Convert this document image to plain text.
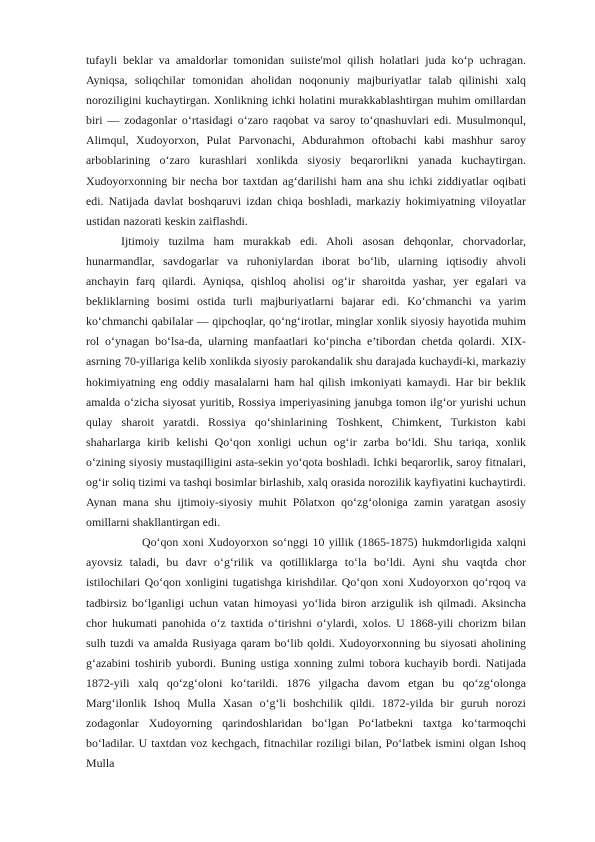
tufayli beklar va amaldorlar tomonidan suiiste'mol qilish holatlari juda ko‘p uchragan. Ayniqsa, soliqchilar tomonidan aholidan noqonuniy majburiyatlar talab qilinishi xalq noroziligini kuchaytirgan. Xonlikning ichki holatini murakkablashtirgan muhim omillardan biri — zodagonlar o‘rtasidagi o‘zaro raqobat va saroy to‘qnashuvlari edi. Musulmonqul, Alimqul, Xudoyorxon, Pulat Parvonachi, Abdurahmon oftobachi kabi mashhur saroy arboblarining o‘zaro kurashlari xonlikda siyosiy beqarorlikni yanada kuchaytirgan. Xudoyorxonning bir necha bor taxtdan ag‘darilishi ham ana shu ichki ziddiyatlar oqibati edi. Natijada davlat boshqaruvi izdan chiqa boshladi, markaziy hokimiyatning viloyatlar ustidan nazorati keskin zaiflashdi.

Ijtimoiy tuzilma ham murakkab edi. Aholi asosan dehqonlar, chorvadorlar, hunarmandlar, savdogarlar va ruhoniylardan iborat bo‘lib, ularning iqtisodiy ahvoli anchayin farq qilardi. Ayniqsa, qishloq aholisi og‘ir sharoitda yashar, yer egalari va bekliklarning bosimi ostida turli majburiyatlarni bajarar edi. Ko‘chmanchi va yarim ko‘chmanchi qabilalar — qipchoqlar, qo‘ng‘irotlar, minglar xonlik siyosiy hayotida muhim rol o‘ynagan bo‘lsa-da, ularning manfaatlari ko‘pincha e’tibordan chetda qolardi. XIX-asrning 70-yillariga kelib xonlikda siyosiy parokandalik shu darajada kuchaydi-ki, markaziy hokimiyatning eng oddiy masalalarni ham hal qilish imkoniyati kamaydi. Har bir beklik amalda o‘zicha siyosat yuritib, Rossiya imperiyasining janubga tomon ilg‘or yurishi uchun qulay sharoit yaratdi. Rossiya qo‘shinlarining Toshkent, Chimkent, Turkiston kabi shaharlarga kirib kelishi Qo‘qon xonligi uchun og‘ir zarba bo‘ldi. Shu tariqa, xonlik o‘zining siyosiy mustaqilligini asta-sekin yo‘qota boshladi. Ichki beqarorlik, saroy fitnalari, og‘ir soliq tizimi va tashqi bosimlar birlashib, xalq orasida norozilik kayfiyatini kuchaytirdi. Aynan mana shu ijtimoiy-siyosiy muhit Pōlatxon qo‘zg‘oloniga zamin yaratgan asosiy omillarni shakllantirgan edi.

Qo‘qon xoni Xudoyorxon so‘nggi 10 yillik (1865-1875) hukmdorligida xalqni ayovsiz taladi, bu davr o‘g‘rilik va qotilliklarga to‘la bo‘ldi. Ayni shu vaqtda chor istilochilari Qo‘qon xonligini tugatishga kirishdilar. Qo‘qon xoni Xudoyorxon qo‘rqoq va tadbirsiz bo‘lganligi uchun vatan himoyasi yo‘lida biron arzigulik ish qilmadi. Aksincha chor hukumati panohida o‘z taxtida o‘tirishni o‘ylardi, xolos. U 1868-yili chorizm bilan sulh tuzdi va amalda Rusiyaga qaram bo‘lib qoldi. Xudoyorxonning bu siyosati aholining g‘azabini toshirib yubordi. Buning ustiga xonning zulmi tobora kuchayib bordi. Natijada 1872-yili xalq qo‘zg‘oloni ko‘tarildi. 1876 yilgacha davom etgan bu qo‘zg‘olonga Marg‘ilonlik Ishoq Mulla Xasan o‘g‘li boshchilik qildi. 1872-yilda bir guruh norozi zodagonlar Xudoyorning qarindoshlaridan bo‘lgan Po‘latbekni taxtga ko‘tarmoqchi bo‘ladilar. U taxtdan voz kechgach, fitnachilar roziligi bilan, Po‘latbek ismini olgan Ishoq Mulla
